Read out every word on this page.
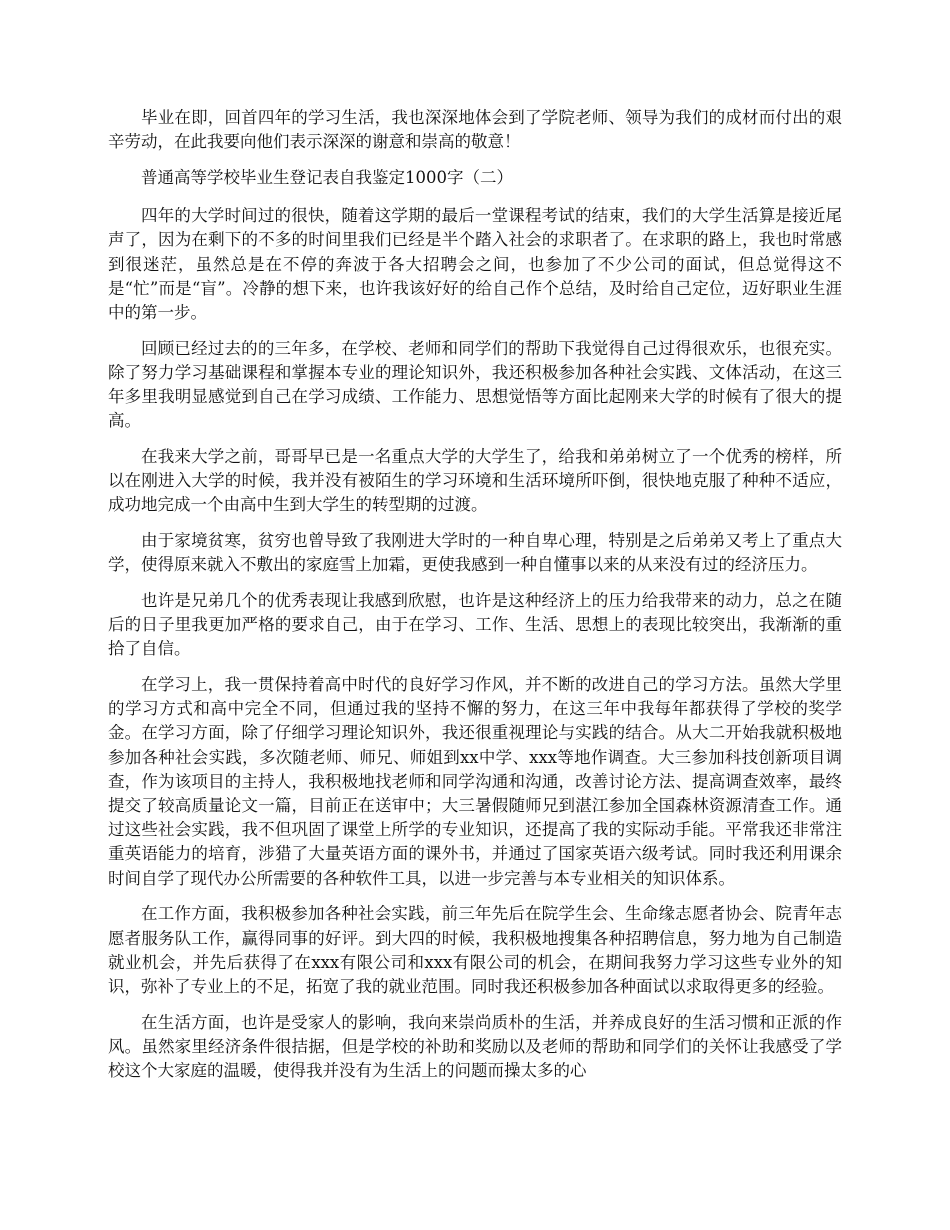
毕业在即，回首四年的学习生活，我也深深地体会到了学院老师、领导为我们的成材而付出的艰辛劳动，在此我要向他们表示深深的谢意和崇高的敬意！

普通高等学校毕业生登记表自我鉴定1000字（二）

四年的大学时间过的很快，随着这学期的最后一堂课程考试的结束，我们的大学生活算是接近尾声了，因为在剩下的不多的时间里我们已经是半个踏入社会的求职者了。在求职的路上，我也时常感到很迷茫，虽然总是在不停的奔波于各大招聘会之间，也参加了不少公司的面试，但总觉得这不是“忙”而是“盲”。冷静的想下来，也许我该好好的给自己作个总结，及时给自己定位，迈好职业生涯中的第一步。

回顾已经过去的的三年多，在学校、老师和同学们的帮助下我觉得自己过得很欢乐，也很充实。除了努力学习基础课程和掌握本专业的理论知识外，我还积极参加各种社会实践、文体活动，在这三年多里我明显感觉到自己在学习成绩、工作能力、思想觉悟等方面比起刚来大学的时候有了很大的提高。

在我来大学之前，哥哥早已是一名重点大学的大学生了，给我和弟弟树立了一个优秀的榜样，所以在刚进入大学的时候，我并没有被陌生的学习环境和生活环境所吓倒，很快地克服了种种不适应，成功地完成一个由高中生到大学生的转型期的过渡。

由于家境贫寒，贫穷也曾导致了我刚进大学时的一种自卑心理，特别是之后弟弟又考上了重点大学，使得原来就入不敷出的家庭雪上加霜，更使我感到一种自懂事以来的从来没有过的经济压力。

也许是兄弟几个的优秀表现让我感到欣慰，也许是这种经济上的压力给我带来的动力，总之在随后的日子里我更加严格的要求自己，由于在学习、工作、生活、思想上的表现比较突出，我渐渐的重拾了自信。

在学习上，我一贯保持着高中时代的良好学习作风，并不断的改进自己的学习方法。虽然大学里的学习方式和高中完全不同，但通过我的坚持不懈的努力，在这三年中我每年都获得了学校的奖学金。在学习方面，除了仔细学习理论知识外，我还很重视理论与实践的结合。从大二开始我就积极地参加各种社会实践，多次随老师、师兄、师姐到xx中学、xxx等地作调查。大三参加科技创新项目调查，作为该项目的主持人，我积极地找老师和同学沟通和沟通，改善讨论方法、提高调查效率，最终提交了较高质量论文一篇，目前正在送审中；大三暑假随师兄到湛江参加全国森林资源清查工作。通过这些社会实践，我不但巩固了课堂上所学的专业知识，还提高了我的实际动手能。平常我还非常注重英语能力的培育，涉猎了大量英语方面的课外书，并通过了国家英语六级考试。同时我还利用课余时间自学了现代办公所需要的各种软件工具，以进一步完善与本专业相关的知识体系。

在工作方面，我积极参加各种社会实践，前三年先后在院学生会、生命缘志愿者协会、院青年志愿者服务队工作，赢得同事的好评。到大四的时候，我积极地搜集各种招聘信息，努力地为自己制造就业机会，并先后获得了在xxx有限公司和xxx有限公司的机会，在期间我努力学习这些专业外的知识，弥补了专业上的不足，拓宽了我的就业范围。同时我还积极参加各种面试以求取得更多的经验。

在生活方面，也许是受家人的影响，我向来崇尚质朴的生活，并养成良好的生活习惯和正派的作风。虽然家里经济条件很拮据，但是学校的补助和奖励以及老师的帮助和同学们的关怀让我感受了学校这个大家庭的温暖，使得我并没有为生活上的问题而操太多的心
